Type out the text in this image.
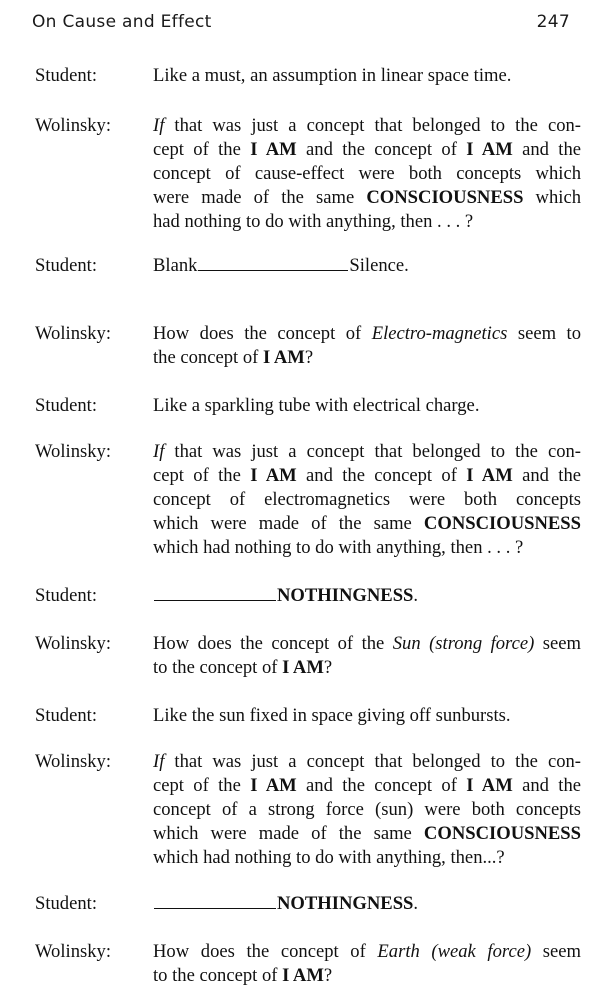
On Cause and Effect	247
Student:	Like a must, an assumption in linear space time.
Wolinsky:	If that was just a concept that belonged to the con-
cept of the I AM and the concept of I AM and the
concept of cause-effect were both concepts which
were made of the same CONSCIOUSNESS which
had nothing to do with anything, then . . . ?
Student:	Blank	Silence.
Wolinsky:	How does the concept of Electro-magnetics seem to
the concept of I AM?
Student:	Like a sparkling tube with electrical charge.
Wolinsky:	If that was just a concept that belonged to the con-
cept of the I AM and the concept of I AM and the
concept of electromagnetics were both concepts
which were made of the same CONSCIOUSNESS
which had nothing to do with anything, then . . . ?
Student:	NOTHINGNESS.
Wolinsky:	How does the concept of the Sun (strong force) seem
to the concept of I AM?
Student:	Like the sun fixed in space giving off sunbursts.
Wolinsky:	If that was just a concept that belonged to the con-
cept of the I AM and the concept of I AM and the
concept of a strong force (sun) were both concepts
which were made of the same CONSCIOUSNESS
which had nothing to do with anything, then...?
Student:	NOTHINGNESS.
Wolinsky:	How does the concept of Earth (weak force) seem
to the concept of I AM?
